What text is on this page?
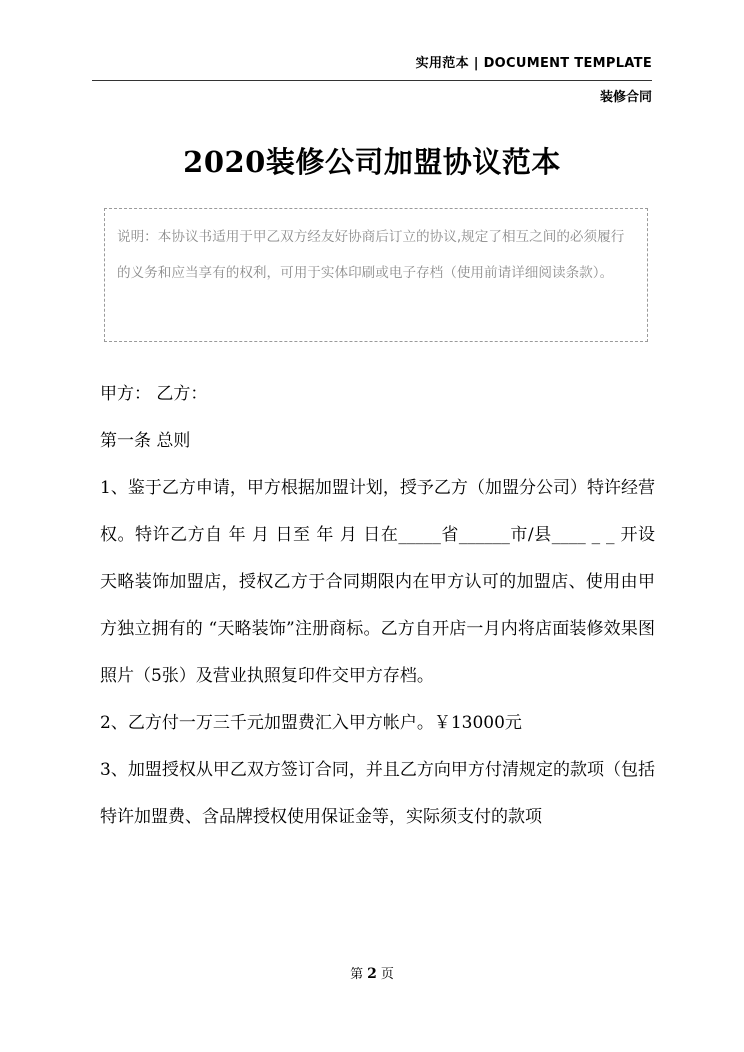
实用范本 | DOCUMENT TEMPLATE
装修合同
2020装修公司加盟协议范本
说明：本协议书适用于甲乙双方经友好协商后订立的协议,规定了相互之间的必须履行的义务和应当享有的权利，可用于实体印刷或电子存档（使用前请详细阅读条款）。

甲方： 乙方：

第一条 总则

1、鉴于乙方申请，甲方根据加盟计划，授予乙方（加盟分公司）特许经营权。特许乙方自 年 月 日至 年 月 日在_____省______市/县____ _ _ 开设天略装饰加盟店，授权乙方于合同期限内在甲方认可的加盟店、使用由甲方独立拥有的 “天略装饰”注册商标。乙方自开店一月内将店面装修效果图照片（5张）及营业执照复印件交甲方存档。

2、乙方付一万三千元加盟费汇入甲方帐户。￥13000元

3、加盟授权从甲乙双方签订合同，并且乙方向甲方付清规定的款项（包括特许加盟费、含品牌授权使用保证金等，实际须支付的款项

第 2 页
